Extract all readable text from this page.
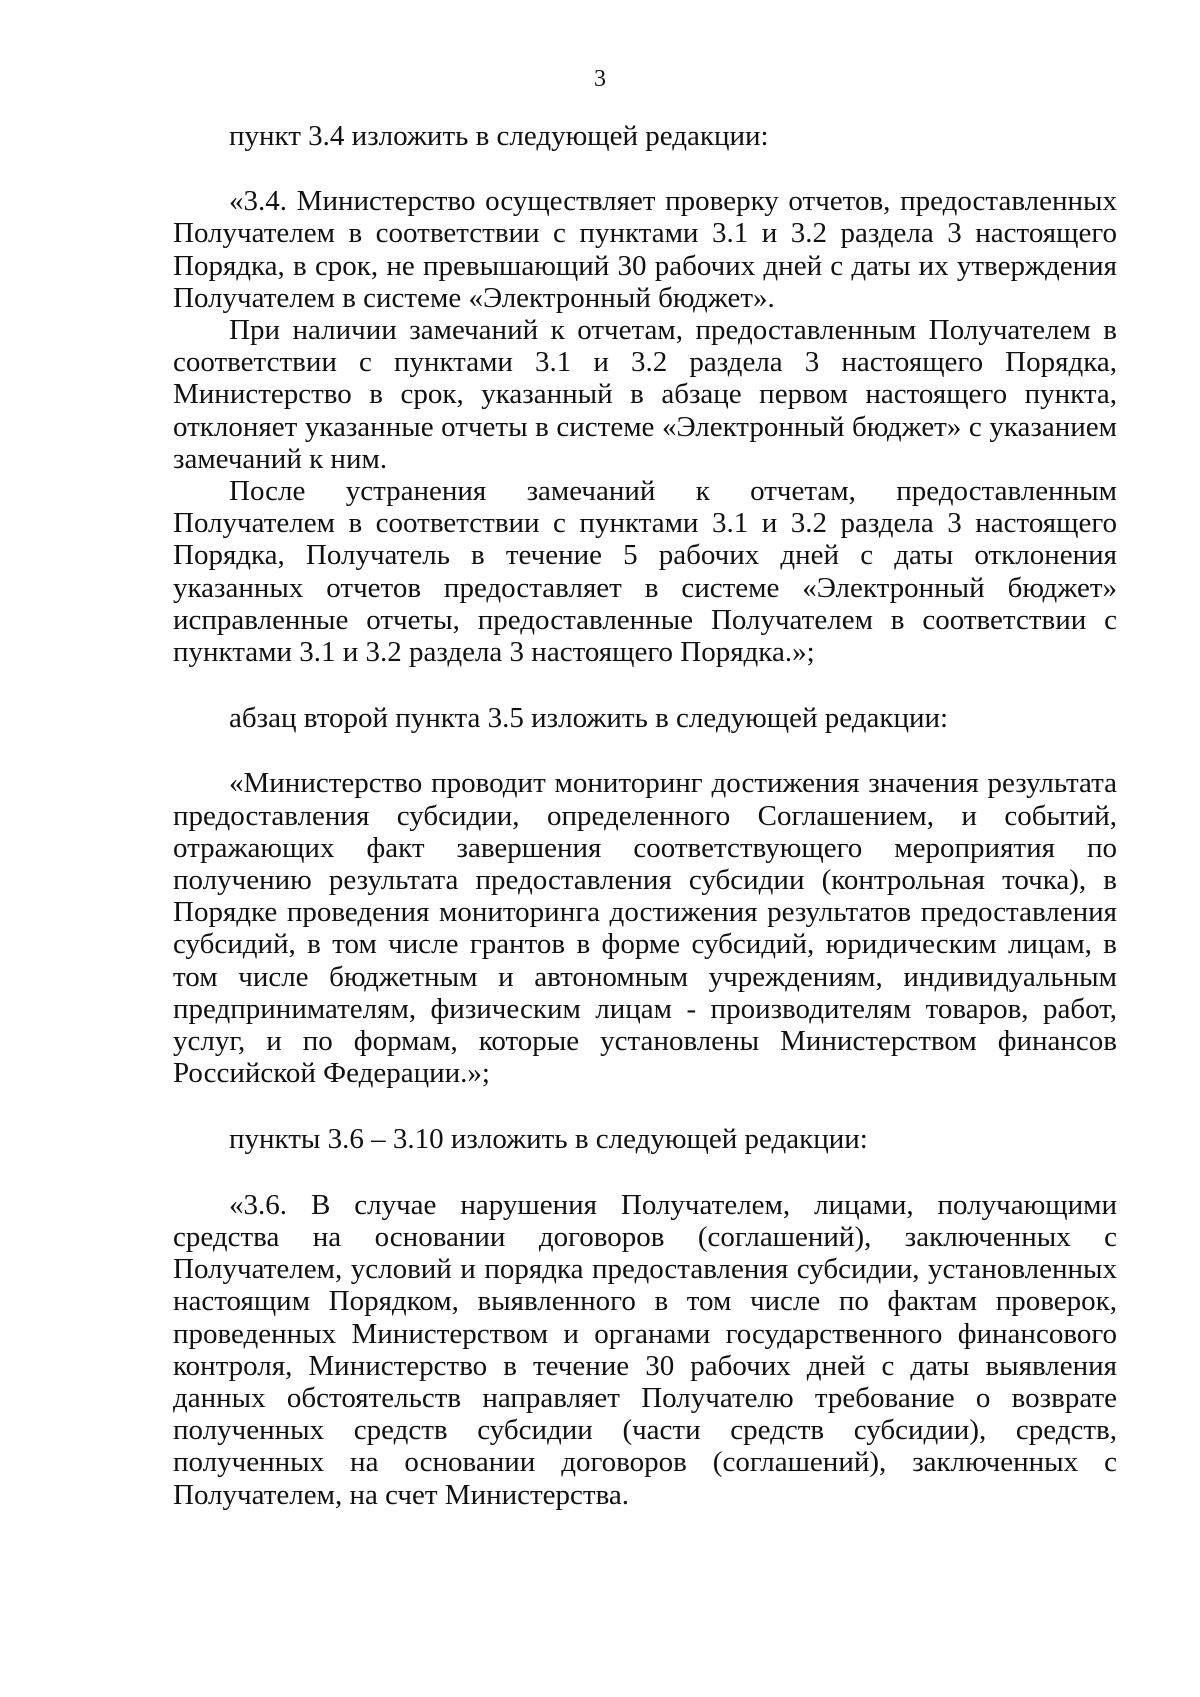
3

пункт 3.4 изложить в следующей редакции:

«3.4. Министерство осуществляет проверку отчетов, предоставленных Получателем в соответствии с пунктами 3.1 и 3.2 раздела 3 настоящего Порядка, в срок, не превышающий 30 рабочих дней с даты их утверждения Получателем в системе «Электронный бюджет».

При наличии замечаний к отчетам, предоставленным Получателем в соответствии с пунктами 3.1 и 3.2 раздела 3 настоящего Порядка, Министерство в срок, указанный в абзаце первом настоящего пункта, отклоняет указанные отчеты в системе «Электронный бюджет» с указанием замечаний к ним.

После устранения замечаний к отчетам, предоставленным Получателем в соответствии с пунктами 3.1 и 3.2 раздела 3 настоящего Порядка, Получатель в течение 5 рабочих дней с даты отклонения указанных отчетов предоставляет в системе «Электронный бюджет» исправленные отчеты, предоставленные Получателем в соответствии с пунктами 3.1 и 3.2 раздела 3 настоящего Порядка.»;

абзац второй пункта 3.5 изложить в следующей редакции:

«Министерство проводит мониторинг достижения значения результата предоставления субсидии, определенного Соглашением, и событий, отражающих факт завершения соответствующего мероприятия по получению результата предоставления субсидии (контрольная точка), в Порядке проведения мониторинга достижения результатов предоставления субсидий, в том числе грантов в форме субсидий, юридическим лицам, в том числе бюджетным и автономным учреждениям, индивидуальным предпринимателям, физическим лицам - производителям товаров, работ, услуг, и по формам, которые установлены Министерством финансов Российской Федерации.»;

пункты 3.6 – 3.10 изложить в следующей редакции:

«3.6. В случае нарушения Получателем, лицами, получающими средства на основании договоров (соглашений), заключенных с Получателем, условий и порядка предоставления субсидии, установленных настоящим Порядком, выявленного в том числе по фактам проверок, проведенных Министерством и органами государственного финансового контроля, Министерство в течение 30 рабочих дней с даты выявления данных обстоятельств направляет Получателю требование о возврате полученных средств субсидии (части средств субсидии), средств, полученных на основании договоров (соглашений), заключенных с Получателем, на счет Министерства.
